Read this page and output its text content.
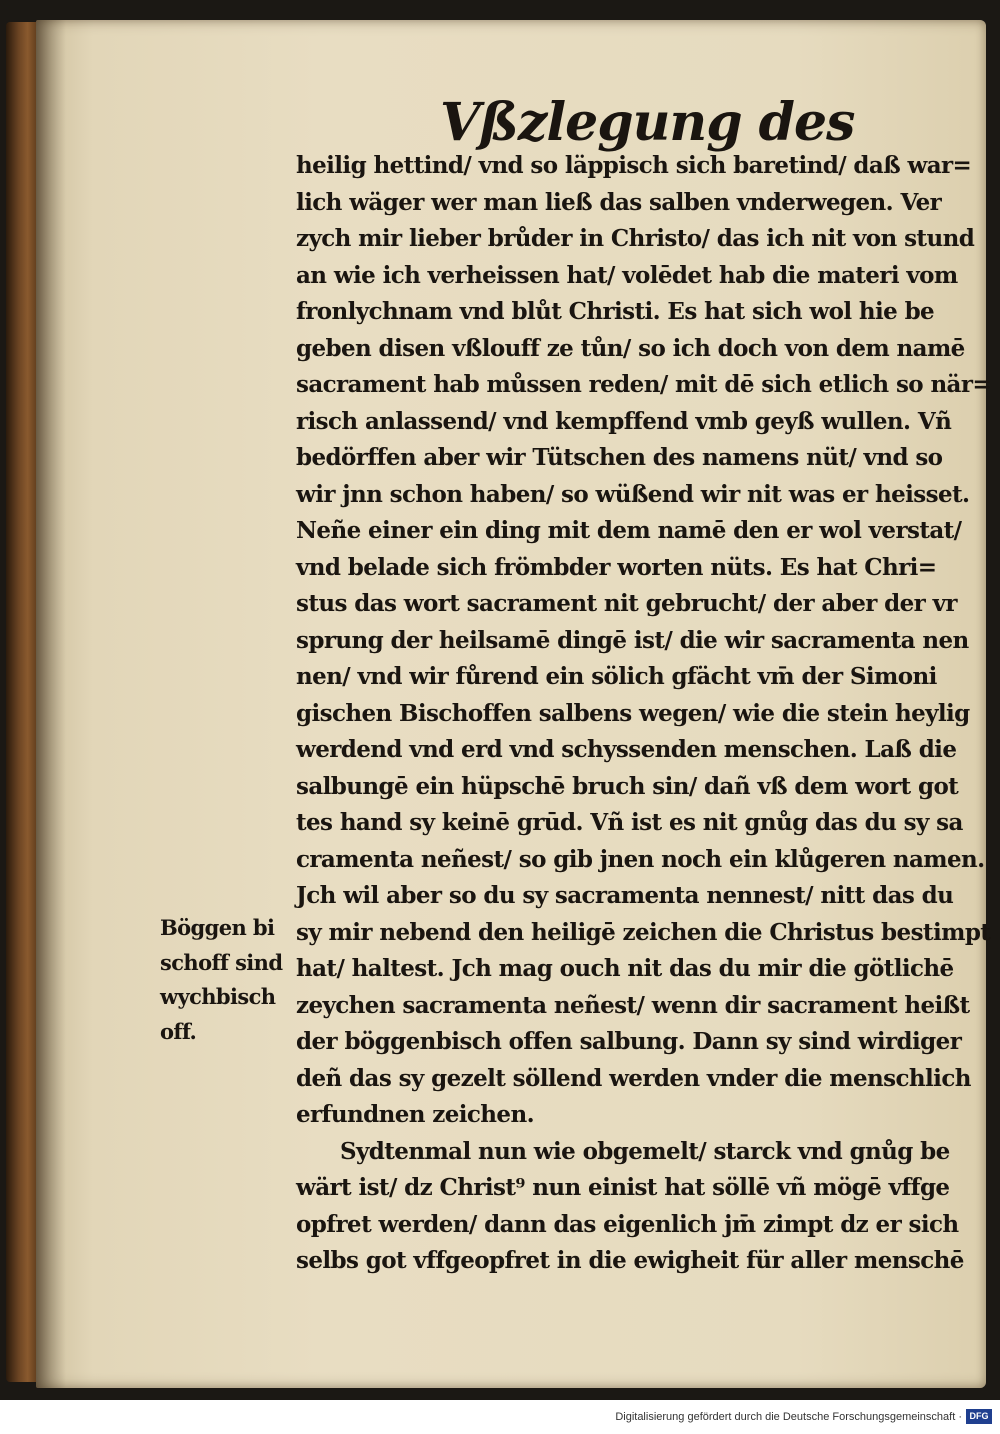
Vßzlegung des
heilig hettind/ vnd so läppisch sich baretind/ daß war=
lich wäger wer man ließ das salben vnderwegen. Ver
zych mir lieber brůder in Christo/ das ich nit von stund
an wie ich verheissen hat/ volēdet hab die materi vom
fronlychnam vnd blůt Christi. Es hat sich wol hie be
geben disen vßlouff ze tůn/ so ich doch von dem namē
sacrament hab můssen reden/ mit dē sich etlich so när=
risch anlassend/ vnd kempffend vmb geyß wullen. Vñ
bedörffen aber wir Tütschen des namens nüt/ vnd so
wir jnn schon haben/ so wüßend wir nit was er heisset.
Neñe einer ein ding mit dem namē den er wol verstat/
vnd belade sich frömbder worten nüts. Es hat Chri=
stus das wort sacrament nit gebrucht/ der aber der vr
sprung der heilsamē dingē ist/ die wir sacramenta nen
nen/ vnd wir fůrend ein sölich gfächt vm̄ der Simoni
gischen Bischoffen salbens wegen/ wie die stein heylig
werdend vnd erd vnd schyssenden menschen. Laß die
salbungē ein hüpschē bruch sin/ dañ vß dem wort got
tes hand sy keinē grūd. Vñ ist es nit gnůg das du sy sa
cramenta neñest/ so gib jnen noch ein klůgeren namen.
Jch wil aber so du sy sacramenta nennest/ nitt das du
sy mir nebend den heiligē zeichen die Christus bestimpt
hat/ haltest. Jch mag ouch nit das du mir die götlichē
zeychen sacramenta neñest/ wenn dir sacrament heißt
der böggenbisch offen salbung. Dann sy sind wirdiger
deñ das sy gezelt söllend werden vnder die menschlich
erfundnen zeichen.
Sydtenmal nun wie obgemelt/ starck vnd gnůg be
wärt ist/ dz Christ⁹ nun einist hat söllē vñ mögē vffge
opfret werden/ dann das eigenlich jm̄ zimpt dz er sich
selbs got vffgeopfret in die ewigheit für aller menschē
Böggen bi
schoff sind
wychbisch
off.
Digitalisierung gefördert durch die Deutsche Forschungsgemeinschaft · DFG
